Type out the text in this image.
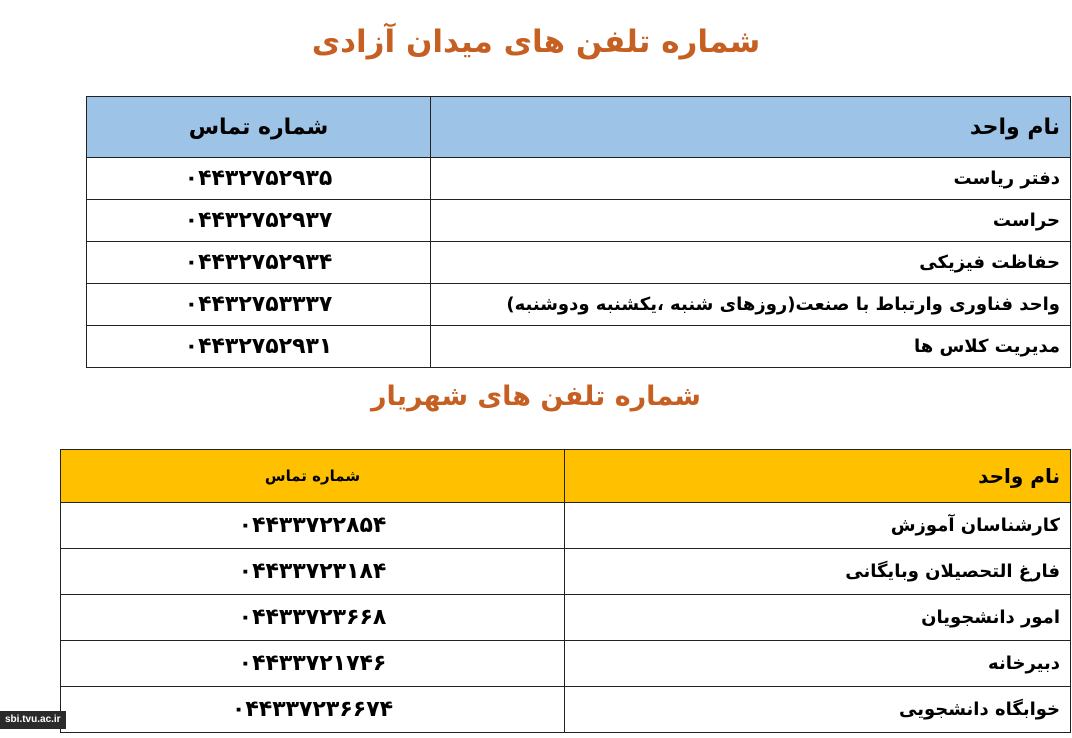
شماره تلفن های میدان آزادی
نام واحد	شماره تماس
دفتر ریاست	۰۴۴۳۲۷۵۲۹۳۵
حراست	۰۴۴۳۲۷۵۲۹۳۷
حفاظت فیزیکی	۰۴۴۳۲۷۵۲۹۳۴
واحد فناوری وارتباط با صنعت(روزهای شنبه ،یکشنبه ودوشنبه)	۰۴۴۳۲۷۵۳۳۳۷
مدیریت کلاس ها	۰۴۴۳۲۷۵۲۹۳۱
شماره تلفن های شهریار
نام واحد	شماره تماس
کارشناسان آموزش	۰۴۴۳۳۷۲۲۸۵۴
فارغ التحصیلان وبایگانی	۰۴۴۳۳۷۲۳۱۸۴
امور دانشجویان	۰۴۴۳۳۷۲۳۶۶۸
دبیرخانه	۰۴۴۳۳۷۲۱۷۴۶
خوابگاه دانشجویی	۰۴۴۳۳۷۲۳۶۶۷۴
sbi.tvu.ac.ir
